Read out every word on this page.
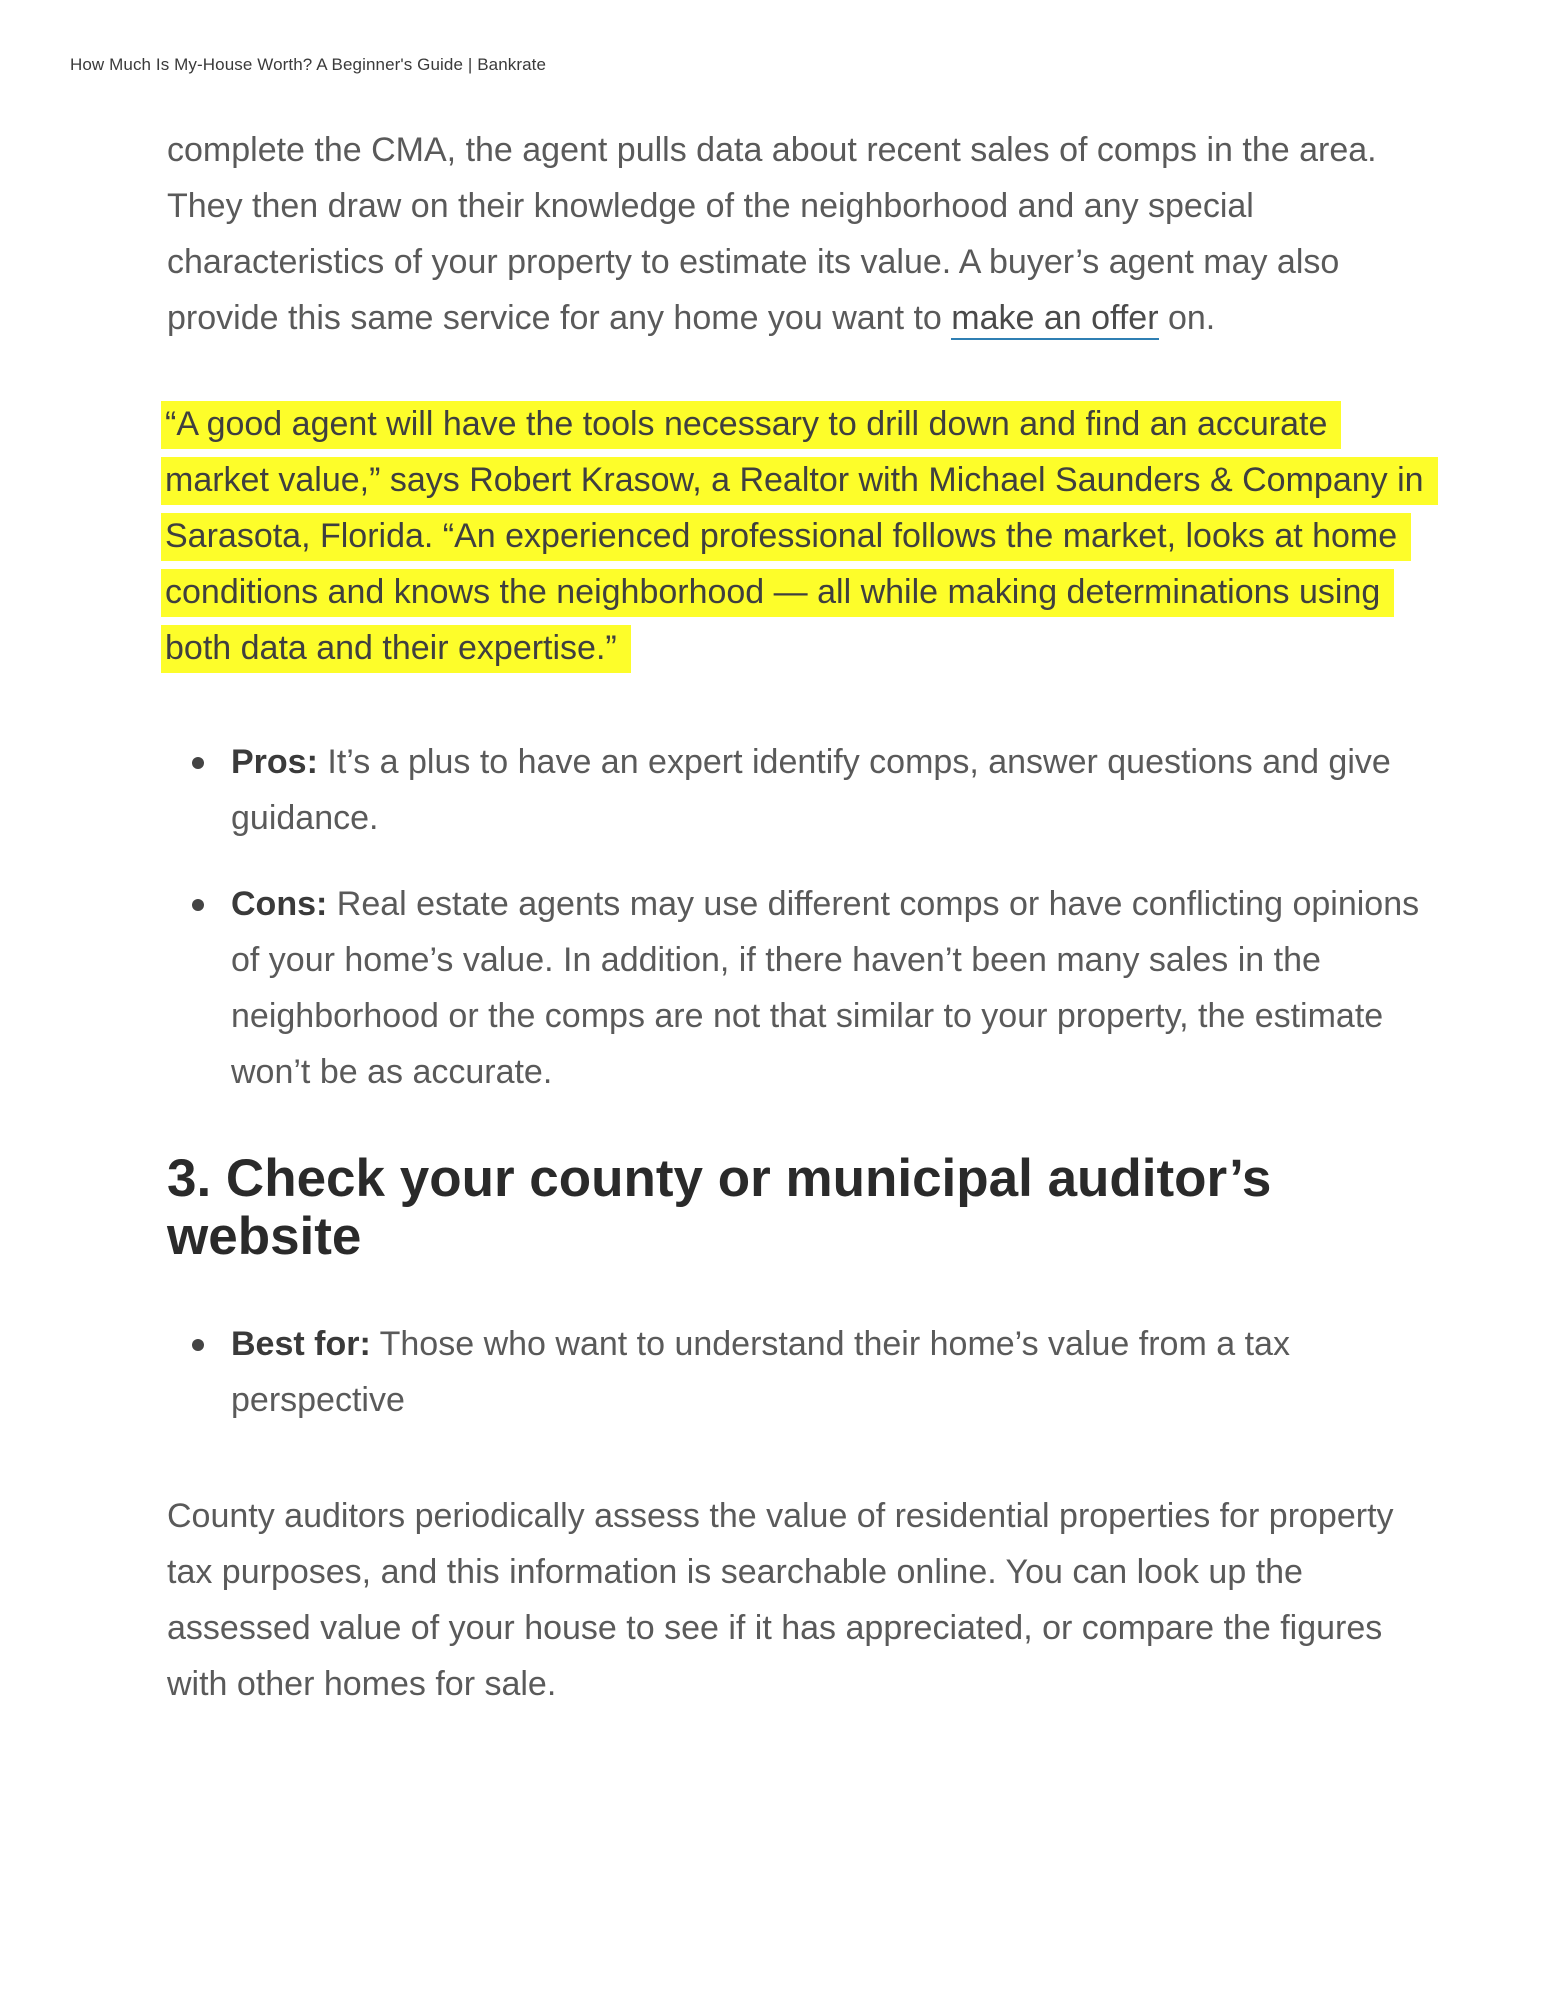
How Much Is My-House Worth? A Beginner's Guide | Bankrate

complete the CMA, the agent pulls data about recent sales of comps in the area. They then draw on their knowledge of the neighborhood and any special characteristics of your property to estimate its value. A buyer’s agent may also provide this same service for any home you want to make an offer on.

“A good agent will have the tools necessary to drill down and find an accurate market value,” says Robert Krasow, a Realtor with Michael Saunders & Company in Sarasota, Florida. “An experienced professional follows the market, looks at home conditions and knows the neighborhood — all while making determinations using both data and their expertise.”

Pros: It’s a plus to have an expert identify comps, answer questions and give guidance.
Cons: Real estate agents may use different comps or have conflicting opinions of your home’s value. In addition, if there haven’t been many sales in the neighborhood or the comps are not that similar to your property, the estimate won’t be as accurate.
3. Check your county or municipal auditor’s website
Best for: Those who want to understand their home’s value from a tax perspective

County auditors periodically assess the value of residential properties for property tax purposes, and this information is searchable online. You can look up the assessed value of your house to see if it has appreciated, or compare the figures with other homes for sale.
